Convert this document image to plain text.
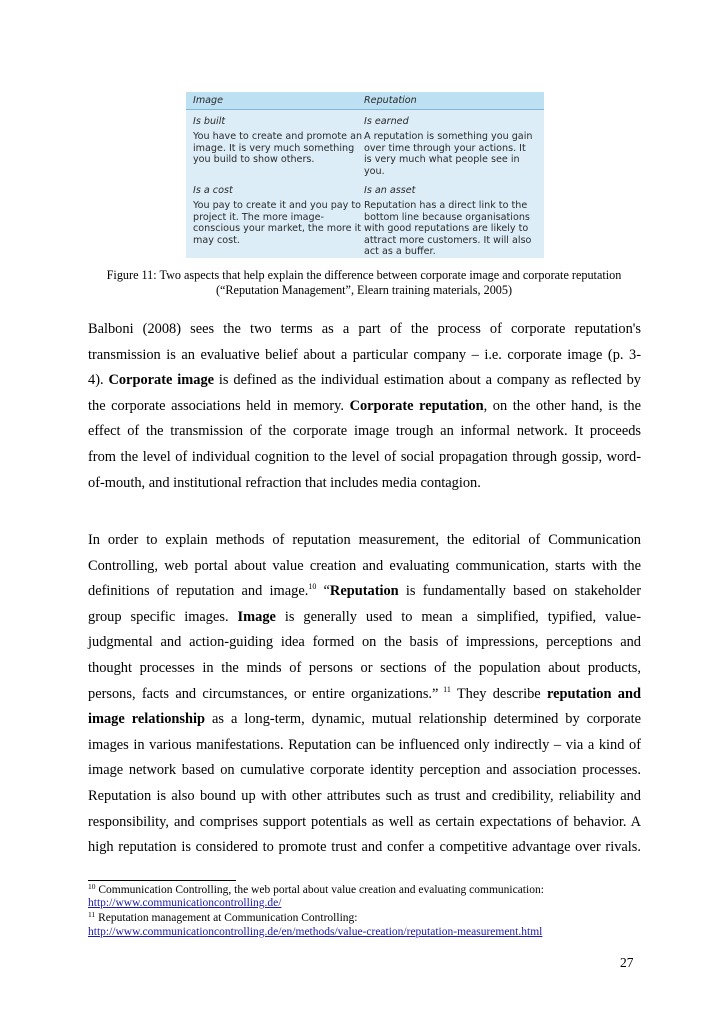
Image
Is built
You have to create and promote an image. It is very much something you build to show others.
Is a cost
You pay to create it and you pay to project it. The more image-conscious your market, the more it may cost.
Reputation
Is earned
A reputation is something you gain over time through your actions. It is very much what people see in you.
Is an asset
Reputation has a direct link to the bottom line because organisations with good reputations are likely to attract more customers. It will also act as a buffer.
Figure 11: Two aspects that help explain the difference between corporate image and corporate reputation
(“Reputation Management”, Elearn training materials, 2005)
Balboni (2008) sees the two terms as a part of the process of corporate reputation's
transmission is an evaluative belief about a particular company – i.e. corporate image (p. 3-
4). Corporate image is defined as the individual estimation about a company as reflected by
the corporate associations held in memory. Corporate reputation, on the other hand, is the
effect of the transmission of the corporate image trough an informal network. It proceeds
from the level of individual cognition to the level of social propagation through gossip, word-
of-mouth, and institutional refraction that includes media contagion.
In order to explain methods of reputation measurement, the editorial of Communication
Controlling, web portal about value creation and evaluating communication, starts with the
definitions of reputation and image.$^{10}$ “Reputation is fundamentally based on stakeholder
group specific images. Image is generally used to mean a simplified, typified, value-
judgmental and action-guiding idea formed on the basis of impressions, perceptions and
thought processes in the minds of persons or sections of the population about products,
persons, facts and circumstances, or entire organizations.” $^{11}$ They describe reputation and
image relationship as a long-term, dynamic, mutual relationship determined by corporate
images in various manifestations. Reputation can be influenced only indirectly – via a kind of
image network based on cumulative corporate identity perception and association processes.
Reputation is also bound up with other attributes such as trust and credibility, reliability and
responsibility, and comprises support potentials as well as certain expectations of behavior. A
high reputation is considered to promote trust and confer a competitive advantage over rivals.
$^{10}$ Communication Controlling, the web portal about value creation and evaluating communication:
http://www.communicationcontrolling.de/
$^{11}$ Reputation management at Communication Controlling:
http://www.communicationcontrolling.de/en/methods/value-creation/reputation-measurement.html
27
